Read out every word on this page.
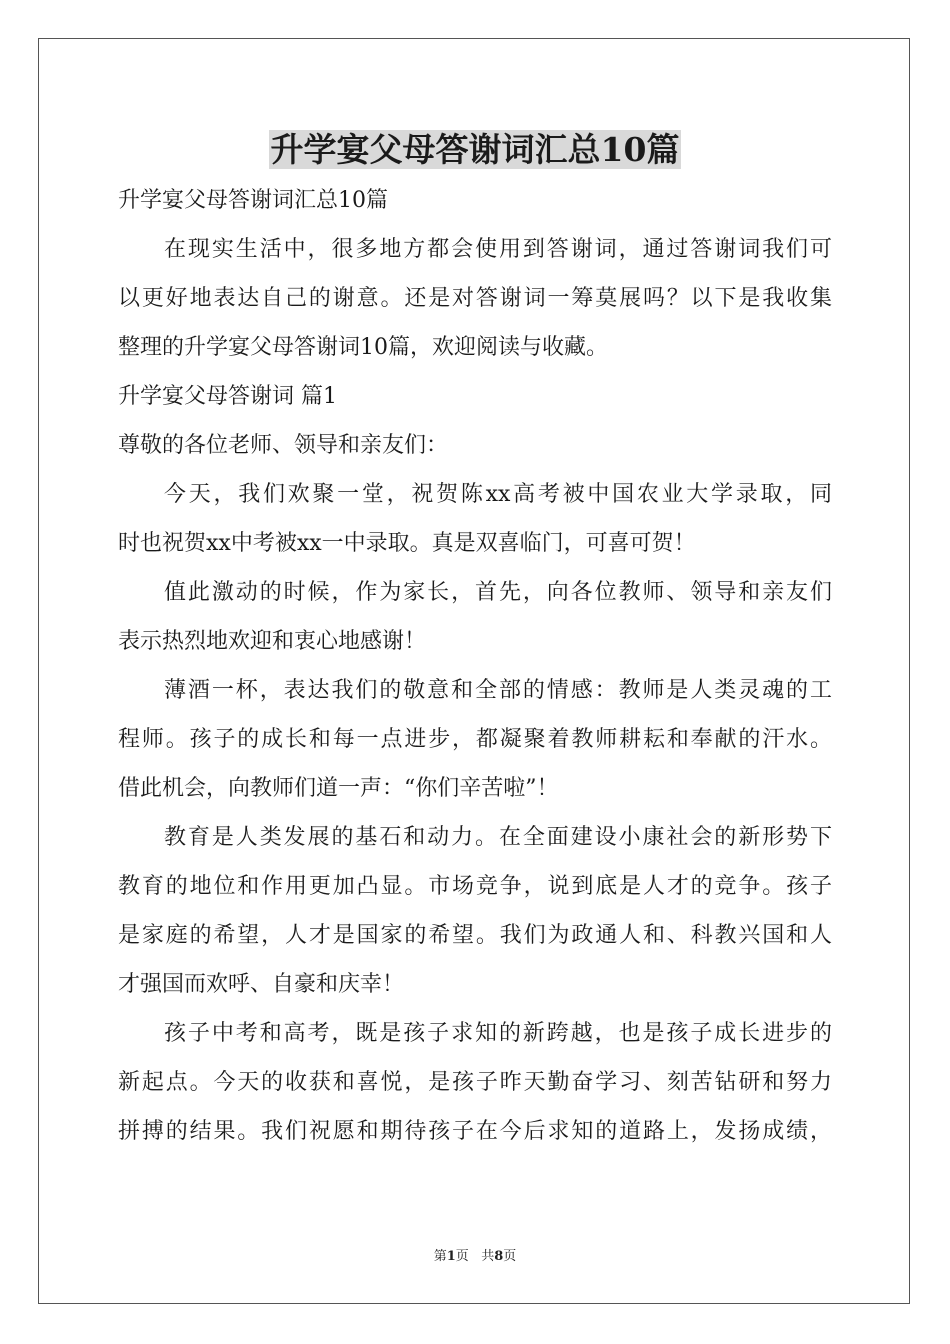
升学宴父母答谢词汇总10篇

升学宴父母答谢词汇总10篇

在现实生活中，很多地方都会使用到答谢词，通过答谢词我们可

以更好地表达自己的谢意。还是对答谢词一筹莫展吗？以下是我收集

整理的升学宴父母答谢词10篇，欢迎阅读与收藏。

升学宴父母答谢词 篇1

尊敬的各位老师、领导和亲友们：

今天，我们欢聚一堂，祝贺陈xx高考被中国农业大学录取，同

时也祝贺xx中考被xx一中录取。真是双喜临门，可喜可贺！

值此激动的时候，作为家长，首先，向各位教师、领导和亲友们

表示热烈地欢迎和衷心地感谢！

薄酒一杯，表达我们的敬意和全部的情感：教师是人类灵魂的工

程师。孩子的成长和每一点进步，都凝聚着教师耕耘和奉献的汗水。

借此机会，向教师们道一声：“你们辛苦啦”！

教育是人类发展的基石和动力。在全面建设小康社会的新形势下

教育的地位和作用更加凸显。市场竞争，说到底是人才的竞争。孩子

是家庭的希望，人才是国家的希望。我们为政通人和、科教兴国和人

才强国而欢呼、自豪和庆幸！

孩子中考和高考，既是孩子求知的新跨越，也是孩子成长进步的

新起点。今天的收获和喜悦，是孩子昨天勤奋学习、刻苦钻研和努力

拼搏的结果。我们祝愿和期待孩子在今后求知的道路上，发扬成绩，

第1页 共8页
